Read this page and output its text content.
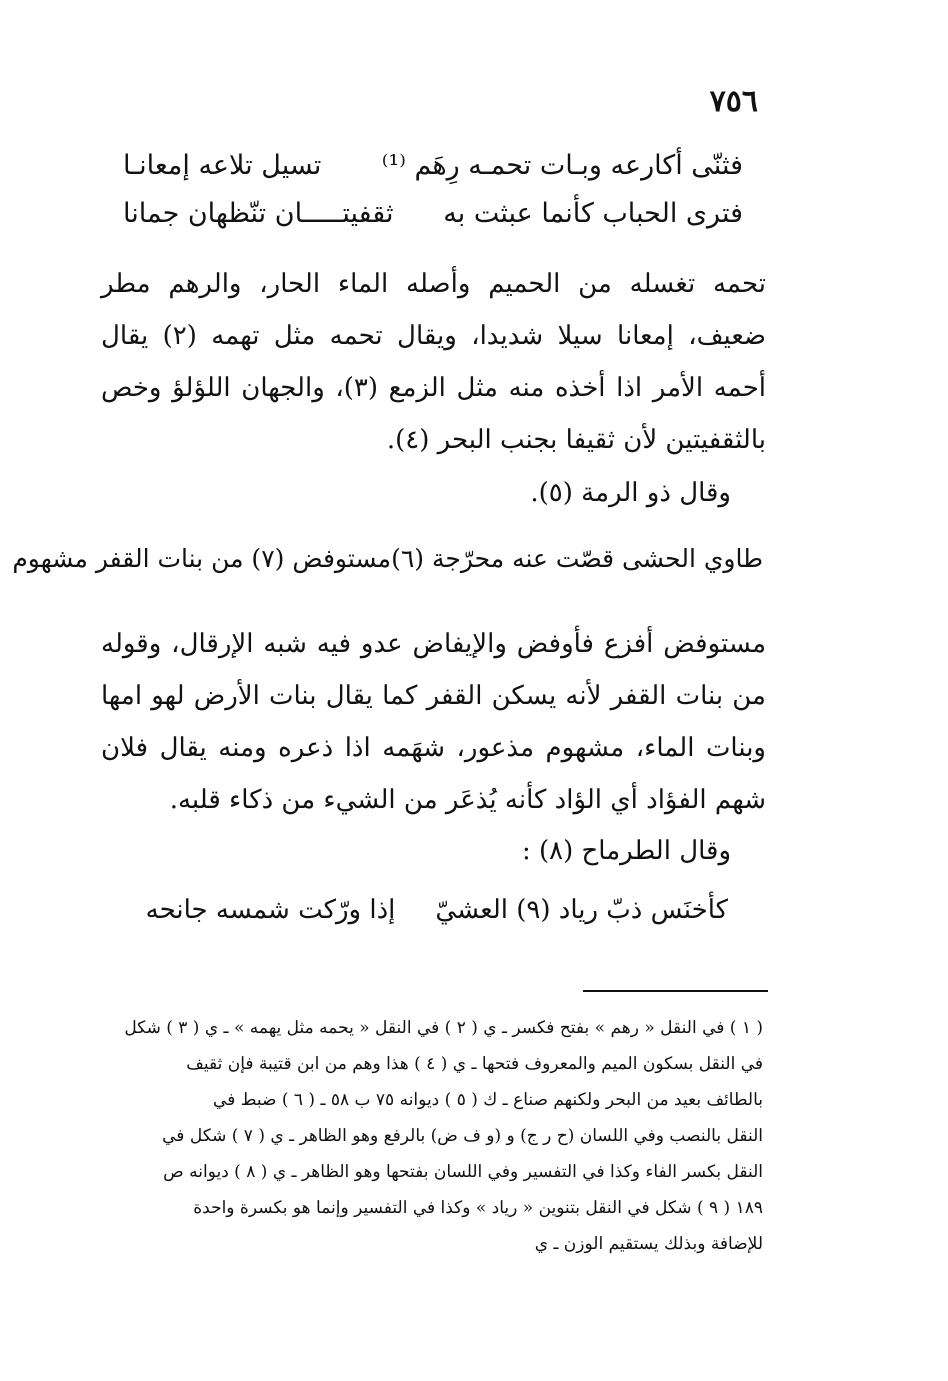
٧٥٦
فثنّى أكارعه وبـات تحمـه رِهَم ⁽¹⁾
تسيل تلاعه إمعانـا
فترى الحباب كأنما عبثت به
ثقفيتـــــان تنّظهان جمانا
تحمه تغسله من الحميم وأصله الماء الحار، والرهم مطر ضعيف، إمعانا سيلا شديدا، ويقال تحمه مثل تهمه (٢) يقال أحمه الأمر اذا أخذه منه مثل الزمع (٣)، والجهان اللؤلؤ وخص بالثقفيتين لأن ثقيفا بجنب البحر (٤).
وقال ذو الرمة (٥).
طاوي الحشى قصّت عنه محرّجة (٦)
مستوفض (٧) من بنات القفر مشهوم
مستوفض أفزع فأوفض والإيفاض عدو فيه شبه الإرقال، وقوله من بنات القفر لأنه يسكن القفر كما يقال بنات الأرض لهو امها وبنات الماء، مشهوم مذعور، شهَمه اذا ذعره ومنه يقال فلان شهم الفؤاد أي الؤاد كأنه يُذعَر من الشيء من ذكاء قلبه.
وقال الطرماح (٨) :
كأخنَس ذبّ رياد (٩) العشيّ
إذا ورّكت شمسه جانحه
( ١ ) في النقل « رهم » بفتح فكسر ـ ي ( ٢ ) في النقل « يحمه مثل يهمه » ـ ي ( ٣ ) شكل
في النقل بسكون الميم والمعروف فتحها ـ ي ( ٤ ) هذا وهم من ابن قتيبة فإن ثقيف
بالطائف بعيد من البحر ولكنهم صناع ـ ك ( ٥ ) ديوانه ٧٥ ب ٥٨ ـ ( ٦ ) ضبط في
النقل بالنصب وفي اللسان (ح ر ج) و (و ف ض) بالرفع وهو الظاهر ـ ي ( ٧ ) شكل في
النقل بكسر الفاء وكذا في التفسير وفي اللسان بفتحها وهو الظاهر ـ ي ( ٨ ) ديوانه ص
١٨٩ ( ٩ ) شكل في النقل بتنوين « رياد » وكذا في التفسير وإنما هو بكسرة واحدة
للإضافة وبذلك يستقيم الوزن ـ ي
